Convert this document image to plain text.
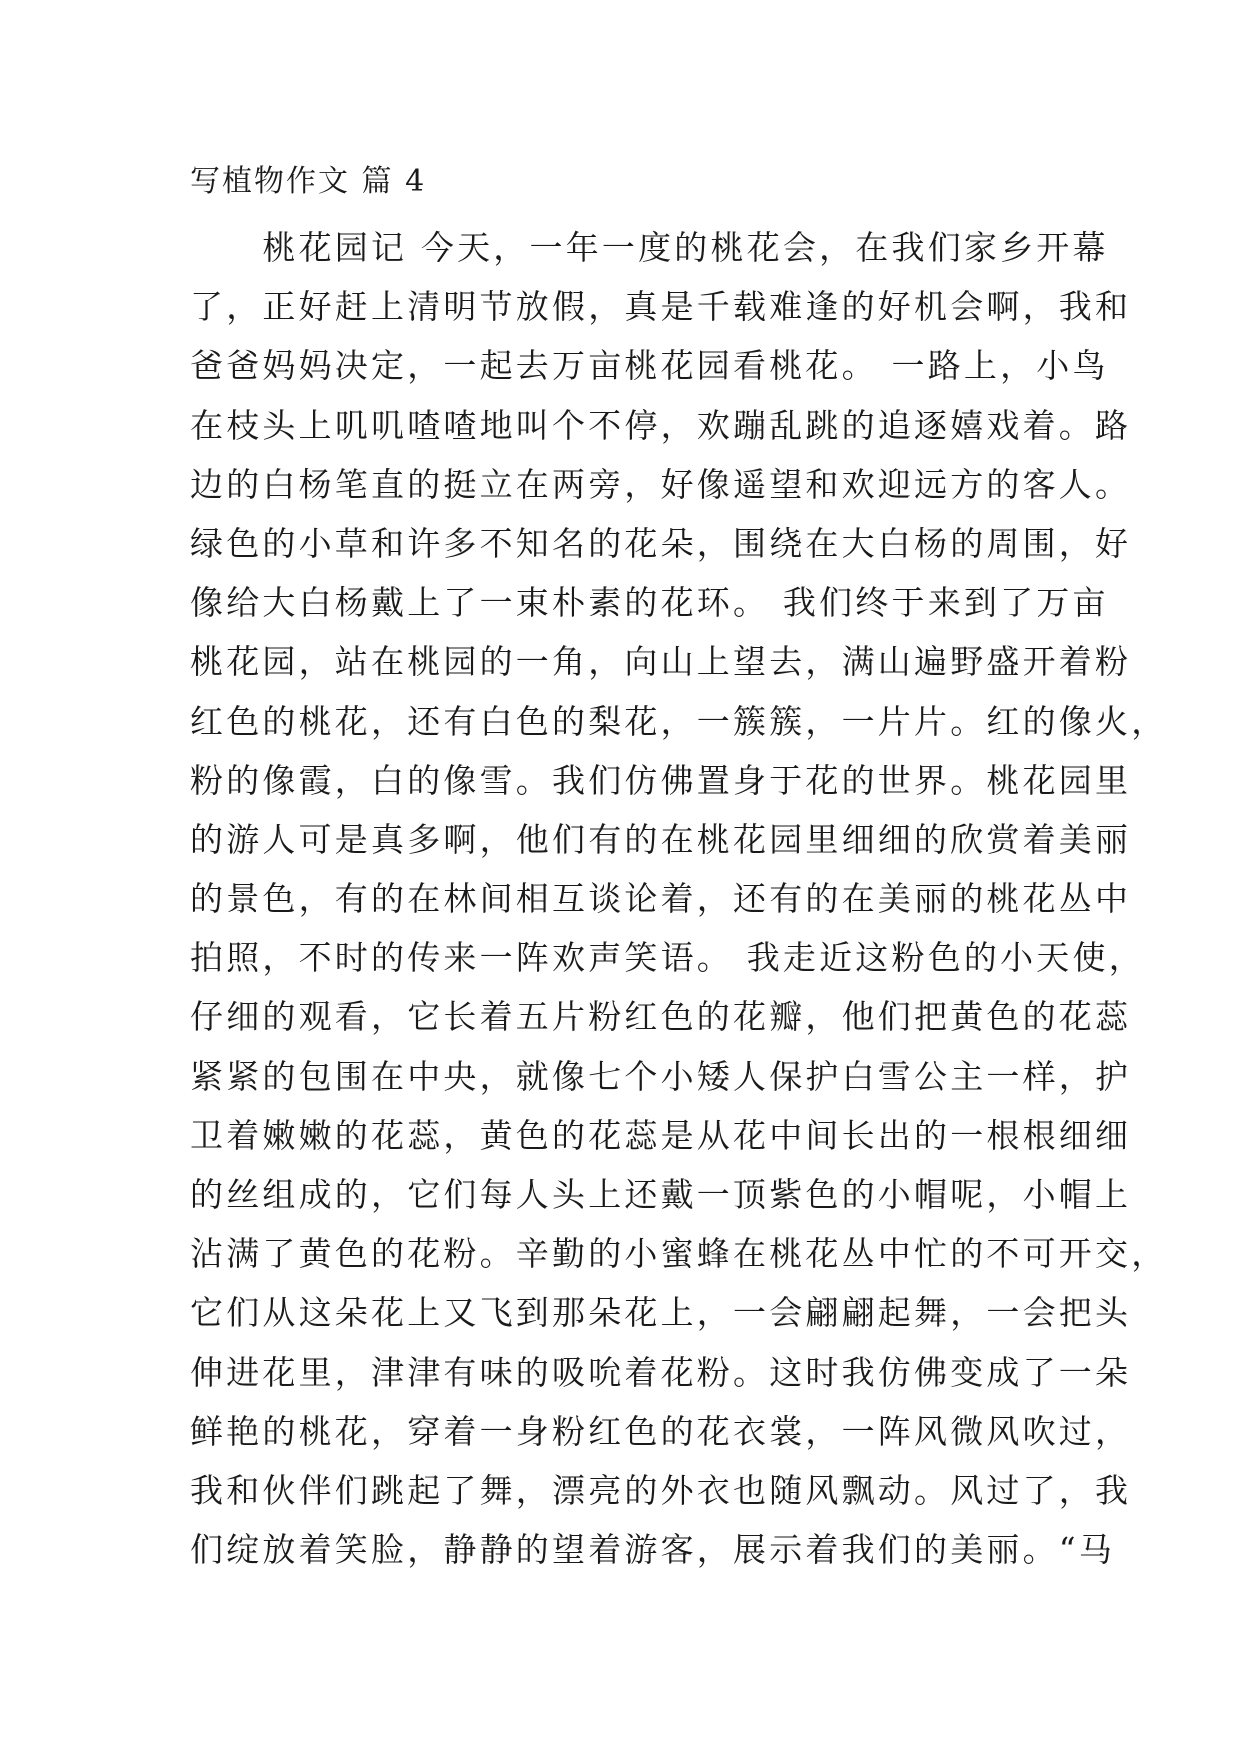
写植物作文 篇 4
　　桃花园记 今天，一年一度的桃花会，在我们家乡开幕
了，正好赶上清明节放假，真是千载难逢的好机会啊，我和
爸爸妈妈决定，一起去万亩桃花园看桃花。 一路上，小鸟
在枝头上叽叽喳喳地叫个不停，欢蹦乱跳的追逐嬉戏着。路
边的白杨笔直的挺立在两旁，好像遥望和欢迎远方的客人。
绿色的小草和许多不知名的花朵，围绕在大白杨的周围，好
像给大白杨戴上了一束朴素的花环。 我们终于来到了万亩
桃花园，站在桃园的一角，向山上望去，满山遍野盛开着粉
红色的桃花，还有白色的梨花，一簇簇，一片片。红的像火，
粉的像霞，白的像雪。我们仿佛置身于花的世界。桃花园里
的游人可是真多啊，他们有的在桃花园里细细的欣赏着美丽
的景色，有的在林间相互谈论着，还有的在美丽的桃花丛中
拍照，不时的传来一阵欢声笑语。 我走近这粉色的小天使，
仔细的观看，它长着五片粉红色的花瓣，他们把黄色的花蕊
紧紧的包围在中央，就像七个小矮人保护白雪公主一样，护
卫着嫩嫩的花蕊，黄色的花蕊是从花中间长出的一根根细细
的丝组成的，它们每人头上还戴一顶紫色的小帽呢，小帽上
沾满了黄色的花粉。辛勤的小蜜蜂在桃花丛中忙的不可开交，
它们从这朵花上又飞到那朵花上，一会翩翩起舞，一会把头
伸进花里，津津有味的吸吮着花粉。这时我仿佛变成了一朵
鲜艳的桃花，穿着一身粉红色的花衣裳，一阵风微风吹过，
我和伙伴们跳起了舞，漂亮的外衣也随风飘动。风过了，我
们绽放着笑脸，静静的望着游客，展示着我们的美丽。“马
